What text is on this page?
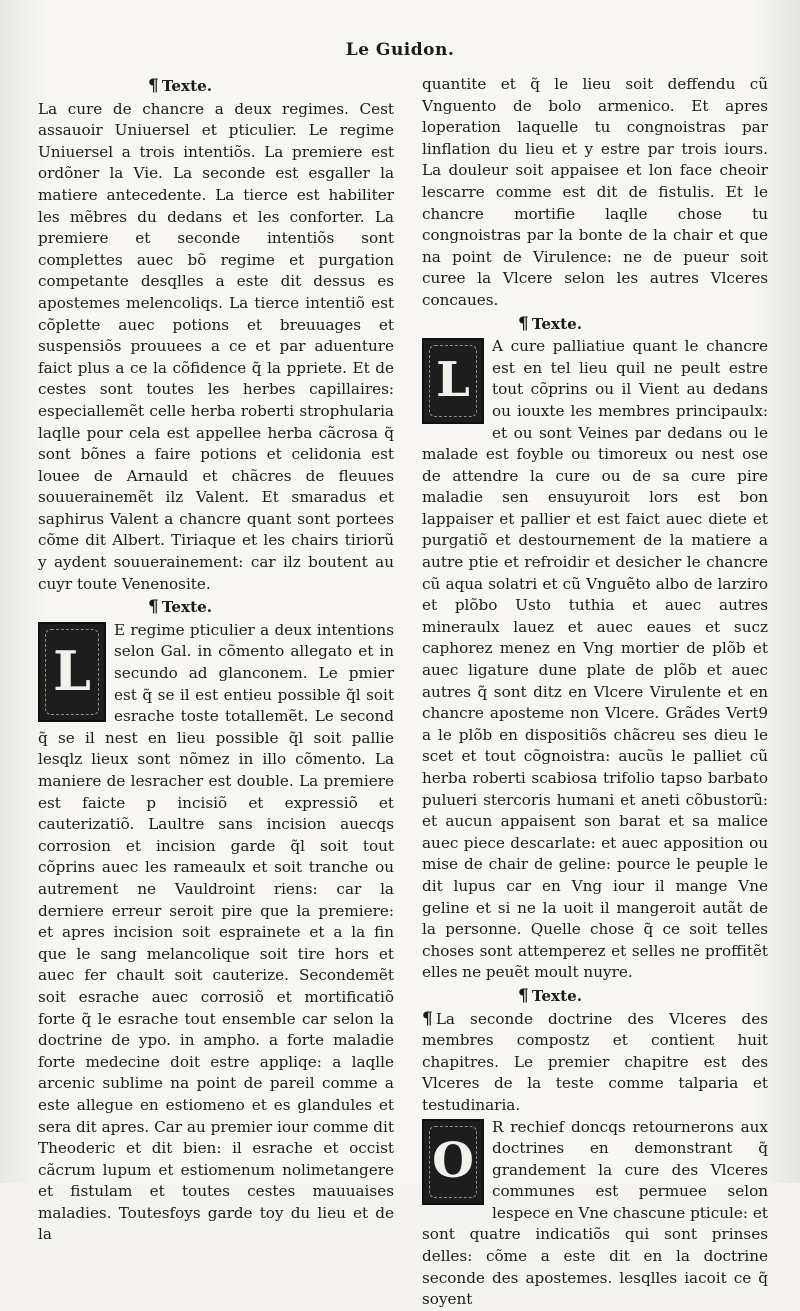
Le Guidon.

¶ Texte.

La cure de chancre a deux regimes. Cest assauoir Uniuersel et pticulier. Le regime Uniuersel a trois intentiõs. La premiere est ordõner la Vie. La seconde est esgaller la matiere antecedente. La tierce est habiliter les mẽbres du dedans et les conforter. La premiere et seconde intentiõs sont complettes auec bõ regime et purgation competante desqlles a este dit dessus es apostemes melencoliqs. La tierce intentiõ est cõplette auec potions et breuuages et suspensiõs prouuees a ce et par aduenture faict plus a ce la cõfidence q̃ la ppriete. Et de cestes sont toutes les herbes capillaires: especiallemẽt celle herba roberti strophularia laqlle pour cela est appellee herba cãcrosa q̃ sont bõnes a faire potions et celidonia est louee de Arnauld et chãcres de fleuues souuerainemẽt ilz Valent. Et smaradus et saphirus Valent a chancre quant sont portees cõme dit Albert. Tiriaque et les chairs tiriorũ y aydent souuerainement: car ilz boutent au cuyr toute Venenosite.

¶ Texte.

L
E regime pticulier a deux intentions selon Gal. in cõmento allegato et in secundo ad glanconem. Le pmier est q̃ se il est entieu possible q̃l soit esrache toste totallemẽt. Le second q̃ se il nest en lieu possible q̃l soit pallie lesqlz lieux sont nõmez in illo cõmento. La maniere de lesracher est double. La premiere est faicte p incisiõ et expressiõ et cauterizatiõ. Laultre sans incision auecqs corrosion et incision garde q̃l soit tout cõprins auec les rameaulx et soit tranche ou autrement ne Vauldroint riens: car la derniere erreur seroit pire que la premiere: et apres incision soit esprainete et a la fin que le sang melancolique soit tire hors et auec fer chault soit cauterize. Secondemẽt soit esrache auec corrosiõ et mortificatiõ forte q̃ le esrache tout ensemble car selon la doctrine de ypo. in ampho. a forte maladie forte medecine doit estre appliqe: a laqlle arcenic sublime na point de pareil comme a este allegue en estiomeno et es glandules et sera dit apres. Car au premier iour comme dit Theoderic et dit bien: il esrache et occist cãcrum lupum et estiomenum nolimetangere et fistulam et toutes cestes mauuaises maladies. Toutesfoys garde toy du lieu et de la

quantite et q̃ le lieu soit deffendu cũ Vnguento de bolo armenico. Et apres loperation laquelle tu congnoistras par linflation du lieu et y estre par trois iours. La douleur soit appaisee et lon face cheoir lescarre comme est dit de fistulis. Et le chancre mortifie laqlle chose tu congnoistras par la bonte de la chair et que na point de Virulence: ne de pueur soit curee la Vlcere selon les autres Vlceres concaues.

¶ Texte.

L
A cure palliatiue quant le chancre est en tel lieu quil ne peult estre tout cõprins ou il Vient au dedans ou iouxte les membres principaulx: et ou sont Veines par dedans ou le malade est foyble ou timoreux ou nest ose de attendre la cure ou de sa cure pire maladie sen ensuyuroit lors est bon lappaiser et pallier et est faict auec diete et purgatiõ et destournement de la matiere a autre ptie et refroidir et desicher le chancre cũ aqua solatri et cũ Vnguẽto albo de larziro et plõbo Usto tuthia et auec autres mineraulx lauez et auec eaues et sucz caphorez menez en Vng mortier de plõb et auec ligature dune plate de plõb et auec autres q̃ sont ditz en Vlcere Virulente et en chancre aposteme non Vlcere. Grãdes Vert9 a le plõb en dispositiõs chãcreu ses dieu le scet et tout cõgnoistra: aucũs le palliet cũ herba roberti scabiosa trifolio tapso barbato pulueri stercoris humani et aneti cõbustorũ: et aucun appaisent son barat et sa malice auec piece descarlate: et auec apposition ou mise de chair de geline: pource le peuple le dit lupus car en Vng iour il mange Vne geline et si ne la uoit il mangeroit autãt de la personne. Quelle chose q̃ ce soit telles choses sont attemperez et selles ne proffitẽt elles ne peuẽt moult nuyre.

¶ Texte.

¶ La seconde doctrine des Vlceres des membres compostz et contient huit chapitres. Le premier chapitre est des Vlceres de la teste comme talparia et testudinaria.

O
R rechief doncqs retournerons aux doctrines en demonstrant q̃ grandement la cure des Vlceres communes est permuee selon lespece en Vne chascune pticule: et sont quatre indicatiõs qui sont prinses delles: cõme a este dit en la doctrine seconde des apostemes. lesqlles iacoit ce q̃ soyent
